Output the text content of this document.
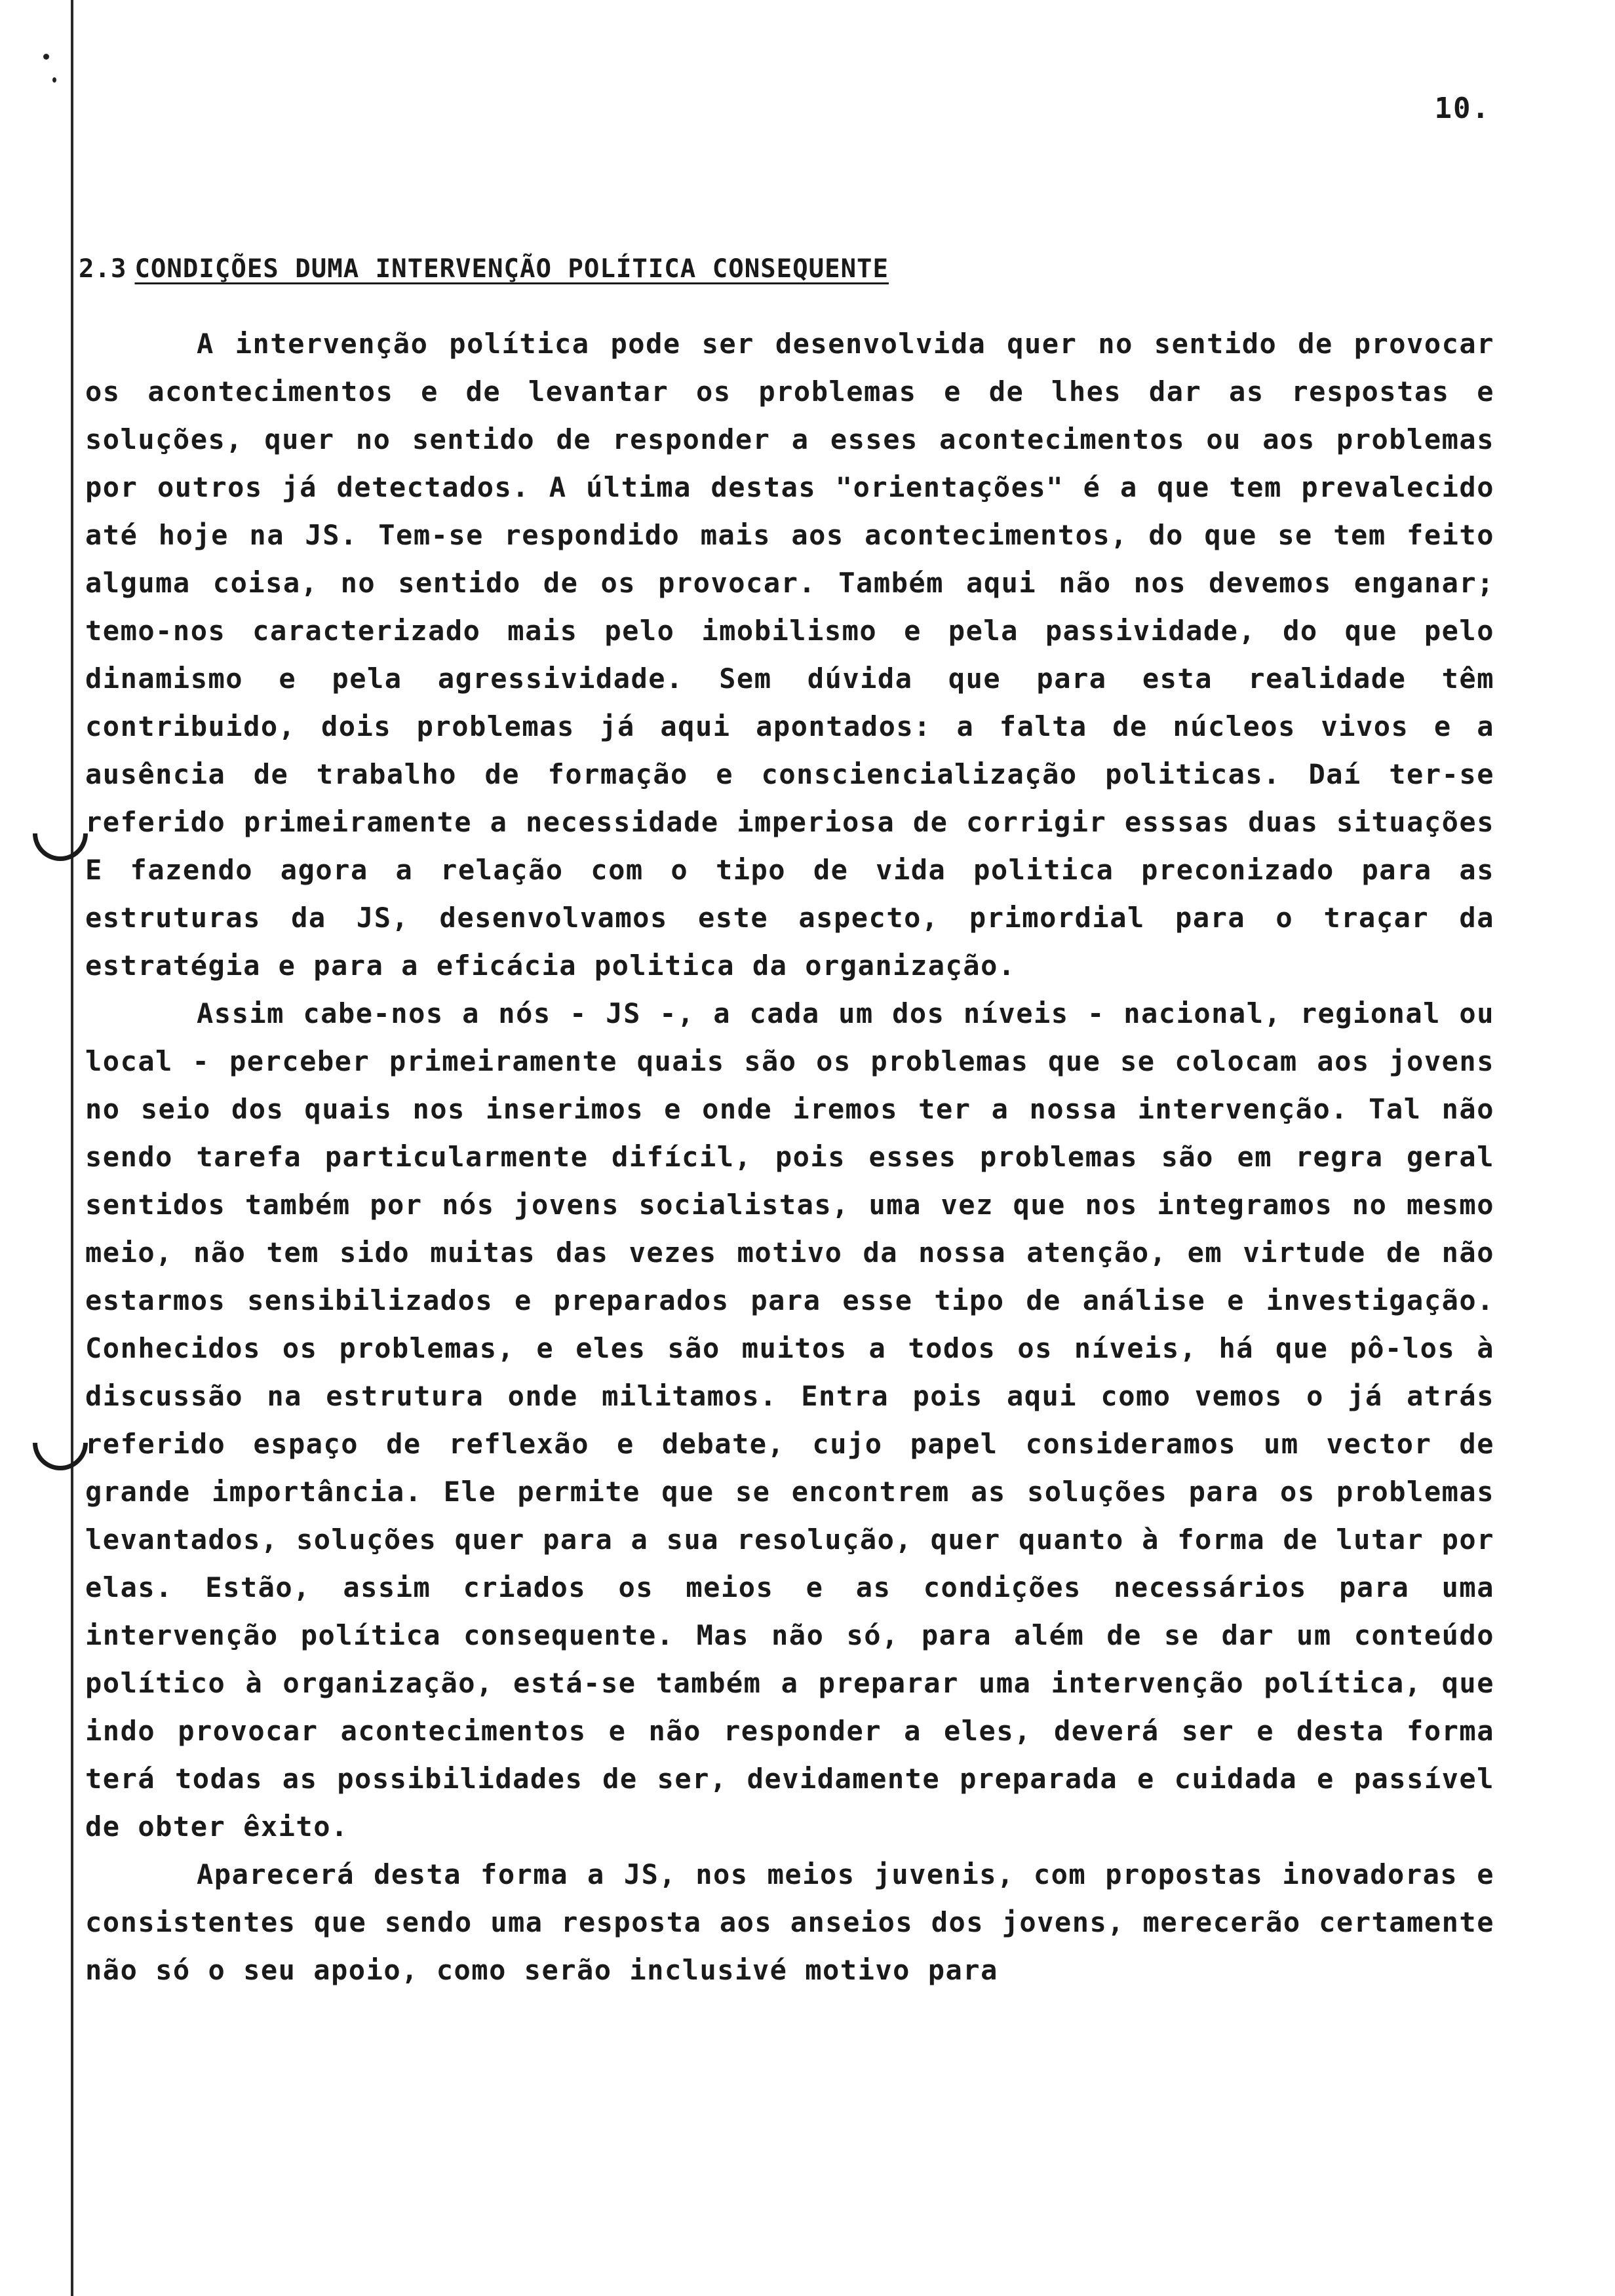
10.
2.3 CONDIÇÕES DUMA INTERVENÇÃO POLÍTICA CONSEQUENTE

A intervenção política pode ser desenvolvida quer no sentido de provocar os acontecimentos e de levantar os problemas e de lhes dar as respostas e soluções, quer no sentido de responder a esses acontecimentos ou aos problemas por outros já detectados. A última destas "orientações" é a que tem prevalecido até hoje na JS. Tem-se respondido mais aos acontecimentos, do que se tem feito alguma coisa, no sentido de os provocar. Também aqui não nos devemos enganar; temo-nos caracterizado mais pelo imobilismo e pela passividade, do que pelo dinamismo e pela agressividade. Sem dúvida que para esta realidade têm contribuido, dois problemas já aqui apontados: a falta de núcleos vivos e a ausência de trabalho de formação e consciencialização politicas. Daí ter-se referido primeiramente a necessidade imperiosa de corrigir esssas duas situações E fazendo agora a relação com o tipo de vida politica preconizado para as estruturas da JS, desenvolvamos este aspecto, primordial para o traçar da estratégia e para a eficácia politica da organização.

Assim cabe-nos a nós - JS -, a cada um dos níveis - nacional, regional ou local - perceber primeiramente quais são os problemas que se colocam aos jovens no seio dos quais nos inserimos e onde iremos ter a nossa intervenção. Tal não sendo tarefa particularmente difícil, pois esses problemas são em regra geral sentidos também por nós jovens socialistas, uma vez que nos integramos no mesmo meio, não tem sido muitas das vezes motivo da nossa atenção, em virtude de não estarmos sensibilizados e preparados para esse tipo de análise e investigação. Conhecidos os problemas, e eles são muitos a todos os níveis, há que pô-los à discussão na estrutura onde militamos. Entra pois aqui como vemos o já atrás referido espaço de reflexão e debate, cujo papel consideramos um vector de grande importância. Ele permite que se encontrem as soluções para os problemas levantados, soluções quer para a sua resolução, quer quanto à forma de lutar por elas. Estão, assim criados os meios e as condições necessários para uma intervenção política consequente. Mas não só, para além de se dar um conteúdo político à organização, está-se também a preparar uma intervenção política, que indo provocar acontecimentos e não responder a eles, deverá ser e desta forma terá todas as possibilidades de ser, devidamente preparada e cuidada e passível de obter êxito.

Aparecerá desta forma a JS, nos meios juvenis, com propostas inovadoras e consistentes que sendo uma resposta aos anseios dos jovens, merecerão certamente não só o seu apoio, como serão inclusivé motivo para
